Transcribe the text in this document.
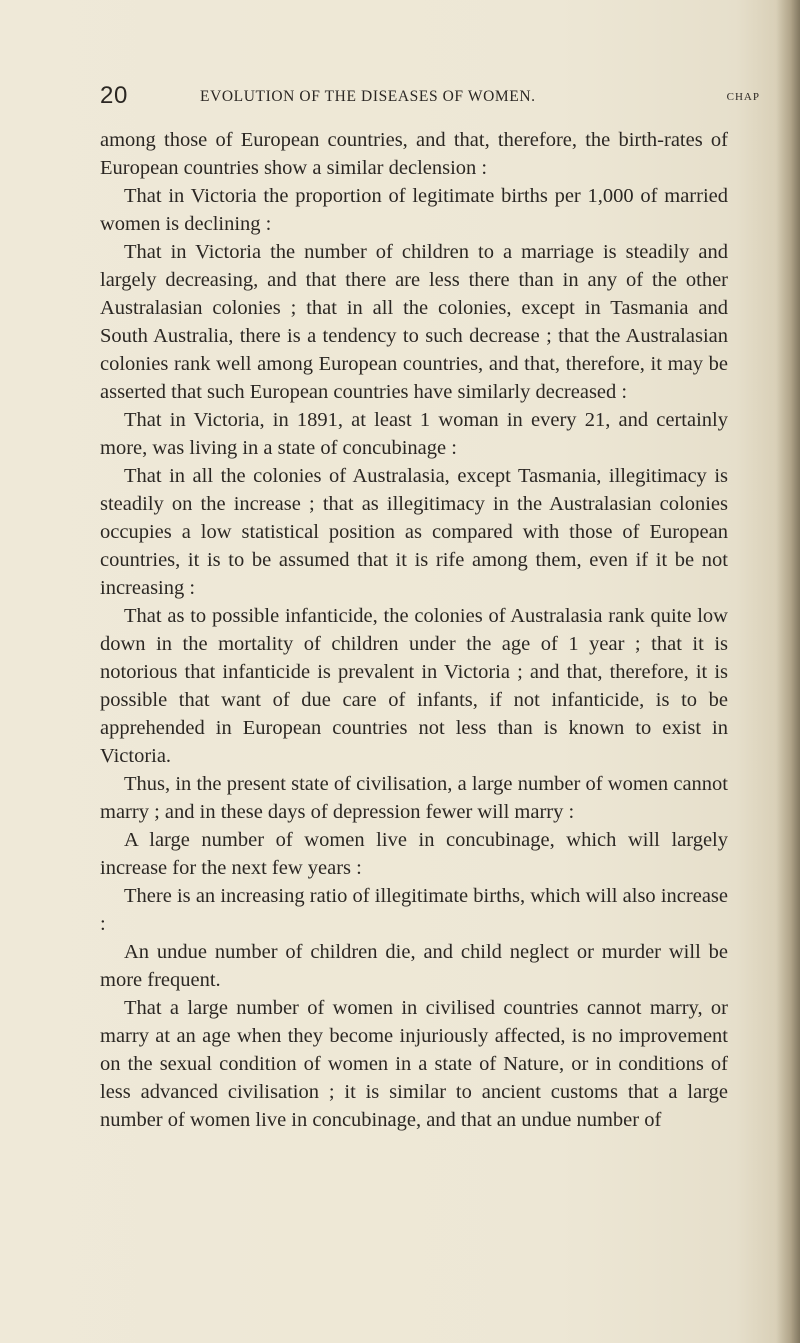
20	EVOLUTION OF THE DISEASES OF WOMEN.	CHAP

among those of European countries, and that, therefore, the birth-rates of European countries show a similar declension :

That in Victoria the proportion of legitimate births per 1,000 of married women is declining :

That in Victoria the number of children to a marriage is steadily and largely decreasing, and that there are less there than in any of the other Australasian colonies ; that in all the colonies, except in Tasmania and South Australia, there is a tendency to such decrease ; that the Australasian colonies rank well among European countries, and that, therefore, it may be asserted that such European countries have similarly decreased :

That in Victoria, in 1891, at least 1 woman in every 21, and certainly more, was living in a state of concubinage :

That in all the colonies of Australasia, except Tasmania, illegitimacy is steadily on the increase ; that as illegitimacy in the Australasian colonies occupies a low statistical position as compared with those of European countries, it is to be assumed that it is rife among them, even if it be not increasing :

That as to possible infanticide, the colonies of Australasia rank quite low down in the mortality of children under the age of 1 year ; that it is notorious that infanticide is prevalent in Victoria ; and that, therefore, it is possible that want of due care of infants, if not infanticide, is to be apprehended in European countries not less than is known to exist in Victoria.

Thus, in the present state of civilisation, a large number of women cannot marry ; and in these days of depression fewer will marry :

A large number of women live in concubinage, which will largely increase for the next few years :

There is an increasing ratio of illegitimate births, which will also increase :

An undue number of children die, and child neglect or murder will be more frequent.

That a large number of women in civilised countries cannot marry, or marry at an age when they become injuriously affected, is no improvement on the sexual condition of women in a state of Nature, or in conditions of less advanced civilisation ; it is similar to ancient customs that a large number of women live in concubinage, and that an undue number of
